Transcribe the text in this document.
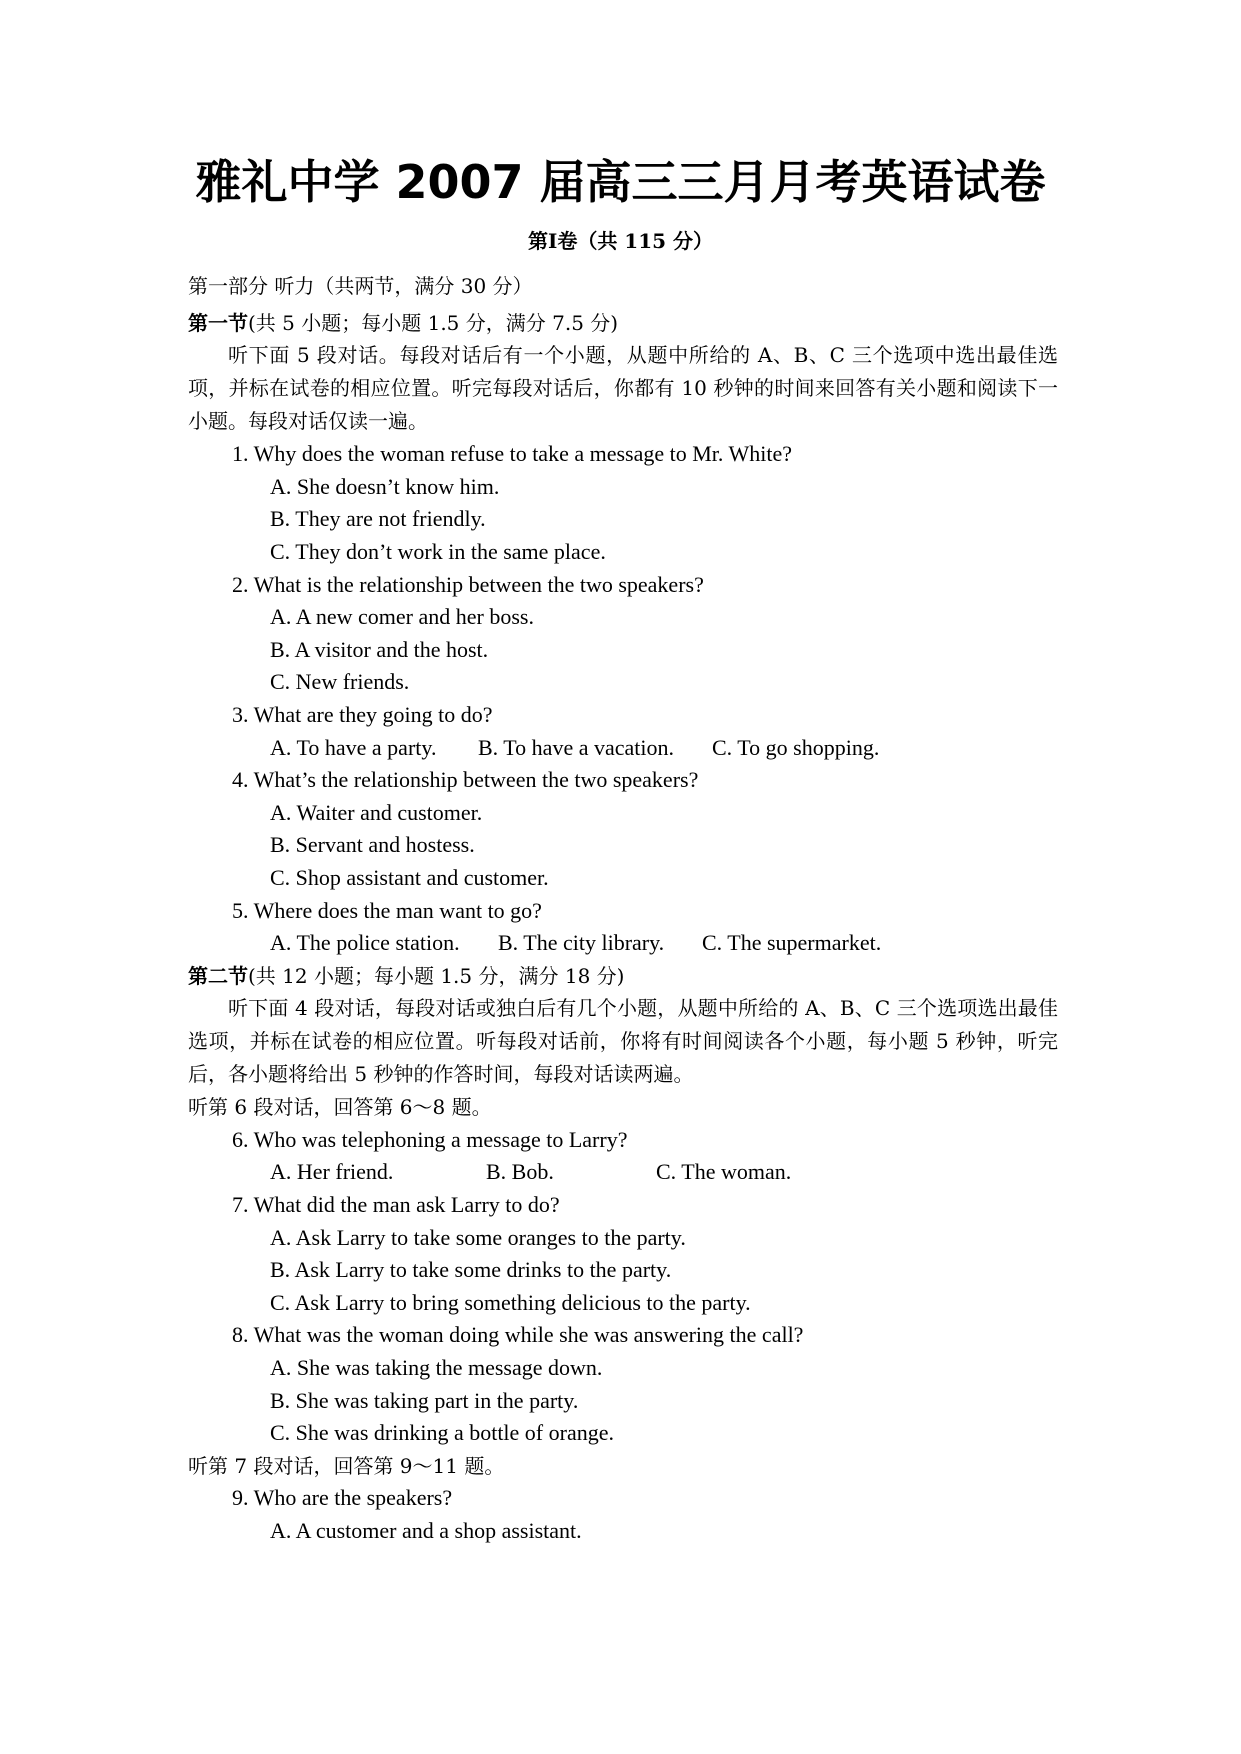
雅礼中学 2007 届高三三月月考英语试卷
第Ⅰ卷（共 115 分）
第一部分 听力（共两节，满分 30 分）
第一节(共 5 小题；每小题 1.5 分，满分 7.5 分)
听下面 5 段对话。每段对话后有一个小题，从题中所给的 A、B、C 三个选项中选出最佳选项，并标在试卷的相应位置。听完每段对话后，你都有 10 秒钟的时间来回答有关小题和阅读下一小题。每段对话仅读一遍。
1. Why does the woman refuse to take a message to Mr. White?
A. She doesn’t know him.
B. They are not friendly.
C. They don’t work in the same place.
2. What is the relationship between the two speakers?
A. A new comer and her boss.
B. A visitor and the host.
C. New friends.
3. What are they going to do?
A. To have a party. B. To have a vacation. C. To go shopping.
4. What’s the relationship between the two speakers?
A. Waiter and customer.
B. Servant and hostess.
C. Shop assistant and customer.
5. Where does the man want to go?
A. The police station. B. The city library. C. The supermarket.
第二节(共 12 小题；每小题 1.5 分，满分 18 分)
听下面 4 段对话，每段对话或独白后有几个小题，从题中所给的 A、B、C 三个选项选出最佳选项，并标在试卷的相应位置。听每段对话前，你将有时间阅读各个小题，每小题 5 秒钟，听完后，各小题将给出 5 秒钟的作答时间，每段对话读两遍。
听第 6 段对话，回答第 6～8 题。
6. Who was telephoning a message to Larry?
A. Her friend.	B. Bob.	C. The woman.
7. What did the man ask Larry to do?
A. Ask Larry to take some oranges to the party.
B. Ask Larry to take some drinks to the party.
C. Ask Larry to bring something delicious to the party.
8. What was the woman doing while she was answering the call?
A. She was taking the message down.
B. She was taking part in the party.
C. She was drinking a bottle of orange.
听第 7 段对话，回答第 9～11 题。
9. Who are the speakers?
A. A customer and a shop assistant.
